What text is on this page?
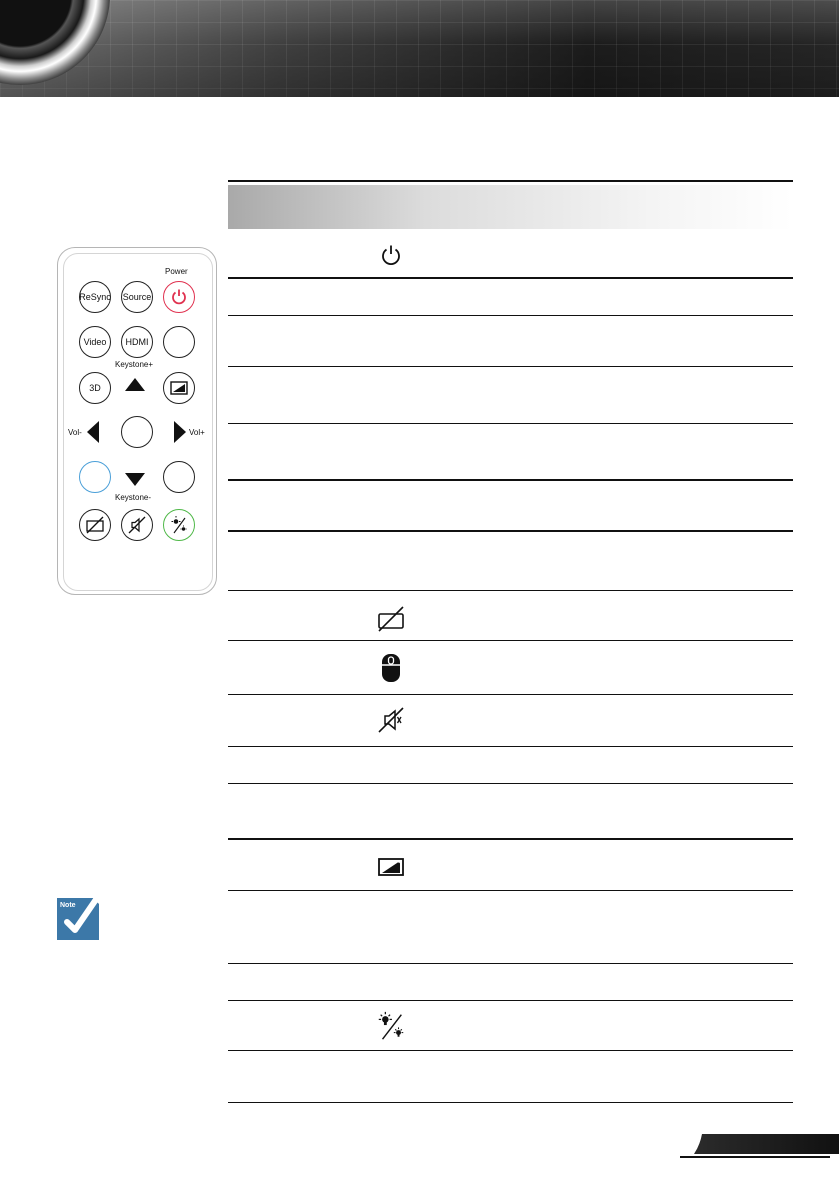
Power
ReSync Source
Video HDMI
Keystone+
3D
Vol-	Vol+
Keystone-
Note
